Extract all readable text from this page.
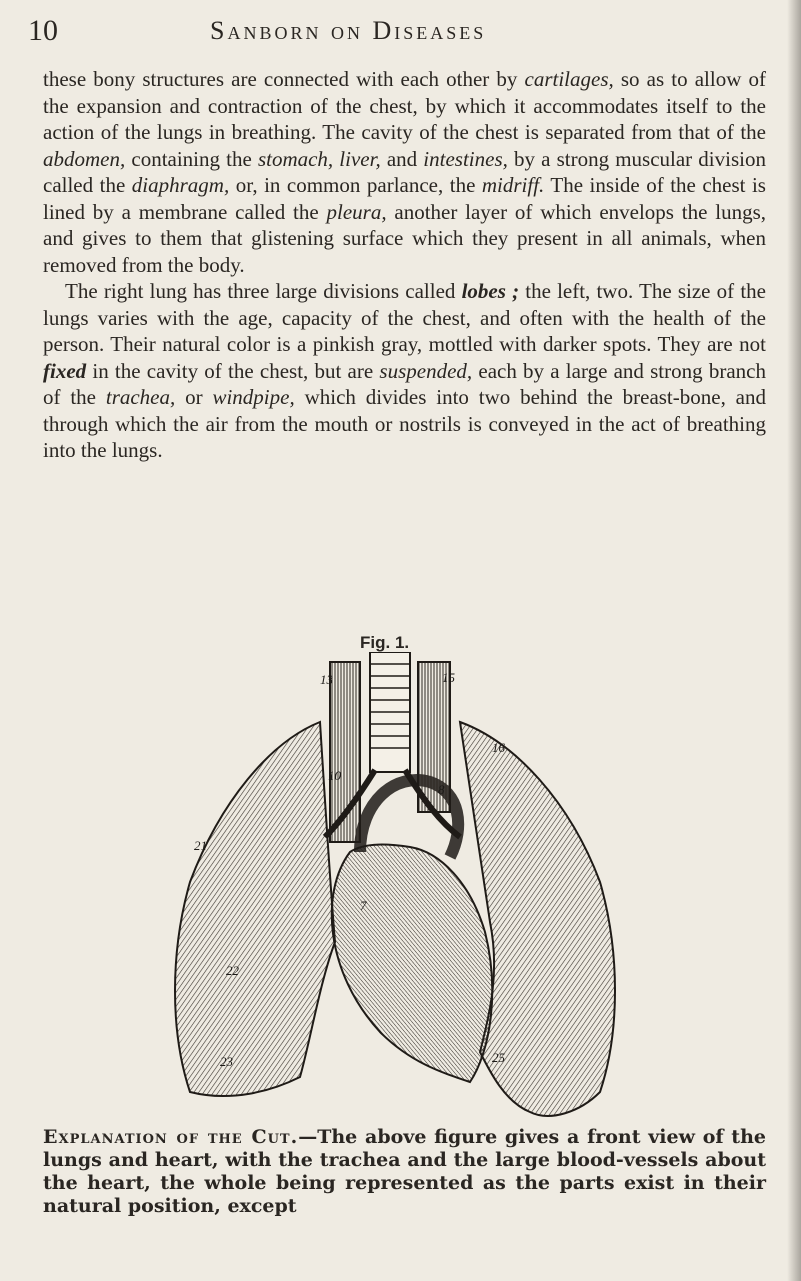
10	Sanborn on Diseases

these bony structures are connected with each other by cartilages, so as to allow of the expansion and contraction of the chest, by which it accommodates itself to the action of the lungs in breathing. The cavity of the chest is separated from that of the abdomen, containing the stomach, liver, and intestines, by a strong muscular division called the diaphragm, or, in common parlance, the midriff. The inside of the chest is lined by a membrane called the pleura, another layer of which envelops the lungs, and gives to them that glistening surface which they present in all animals, when removed from the body.

The right lung has three large divisions called lobes ; the left, two. The size of the lungs varies with the age, capacity of the chest, and often with the health of the person. Their natural color is a pinkish gray, mottled with darker spots. They are not fixed in the cavity of the chest, but are suspended, each by a large and strong branch of the trachea, or windpipe, which divides into two behind the breast-bone, and through which the air from the mouth or nostrils is conveyed in the act of breathing into the lungs.

Fig. 1.
13	15
16
10
8
21
7
22
23	25
Explanation of the Cut.—The above figure gives a front view of the lungs and heart, with the trachea and the large blood-vessels about the heart, the whole being represented as the parts exist in their natural position, except
